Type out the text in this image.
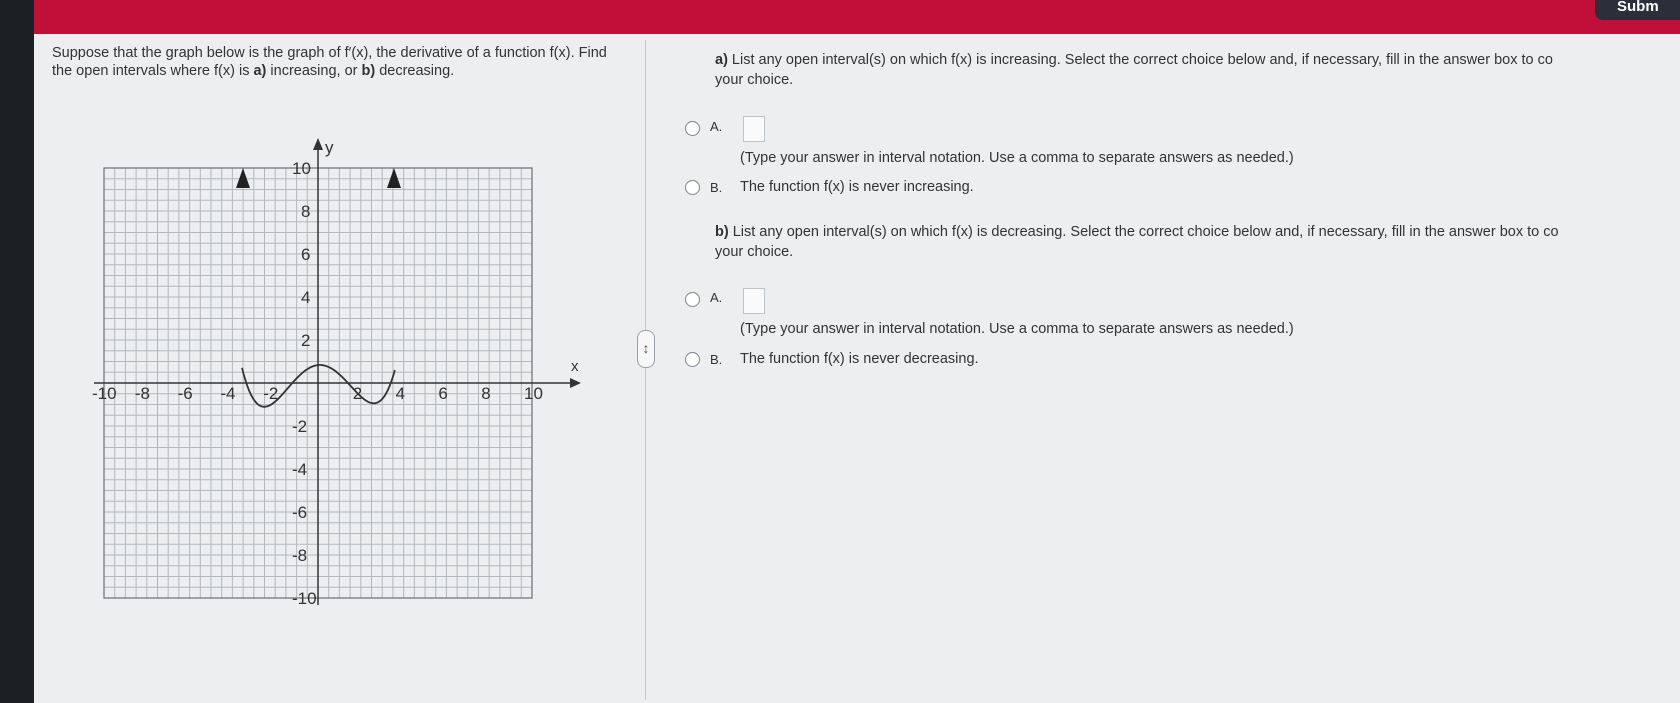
Subm
Suppose that the graph below is the graph of f′(x), the derivative of a function f(x). Find the open intervals where f(x) is a) increasing, or b) decreasing.
↕
x
y
-10 -8 -6 -4 -2	2 4 6 8 10
10
8
6
4
2
-2
-4
-6
-8
-10
a) List any open interval(s) on which f(x) is increasing. Select the correct choice below and, if necessary, fill in the answer box to co
your choice.
A.
(Type your answer in interval notation. Use a comma to separate answers as needed.)
B. The function f(x) is never increasing.
b) List any open interval(s) on which f(x) is decreasing. Select the correct choice below and, if necessary, fill in the answer box to co
your choice.
A.
(Type your answer in interval notation. Use a comma to separate answers as needed.)
B. The function f(x) is never decreasing.
